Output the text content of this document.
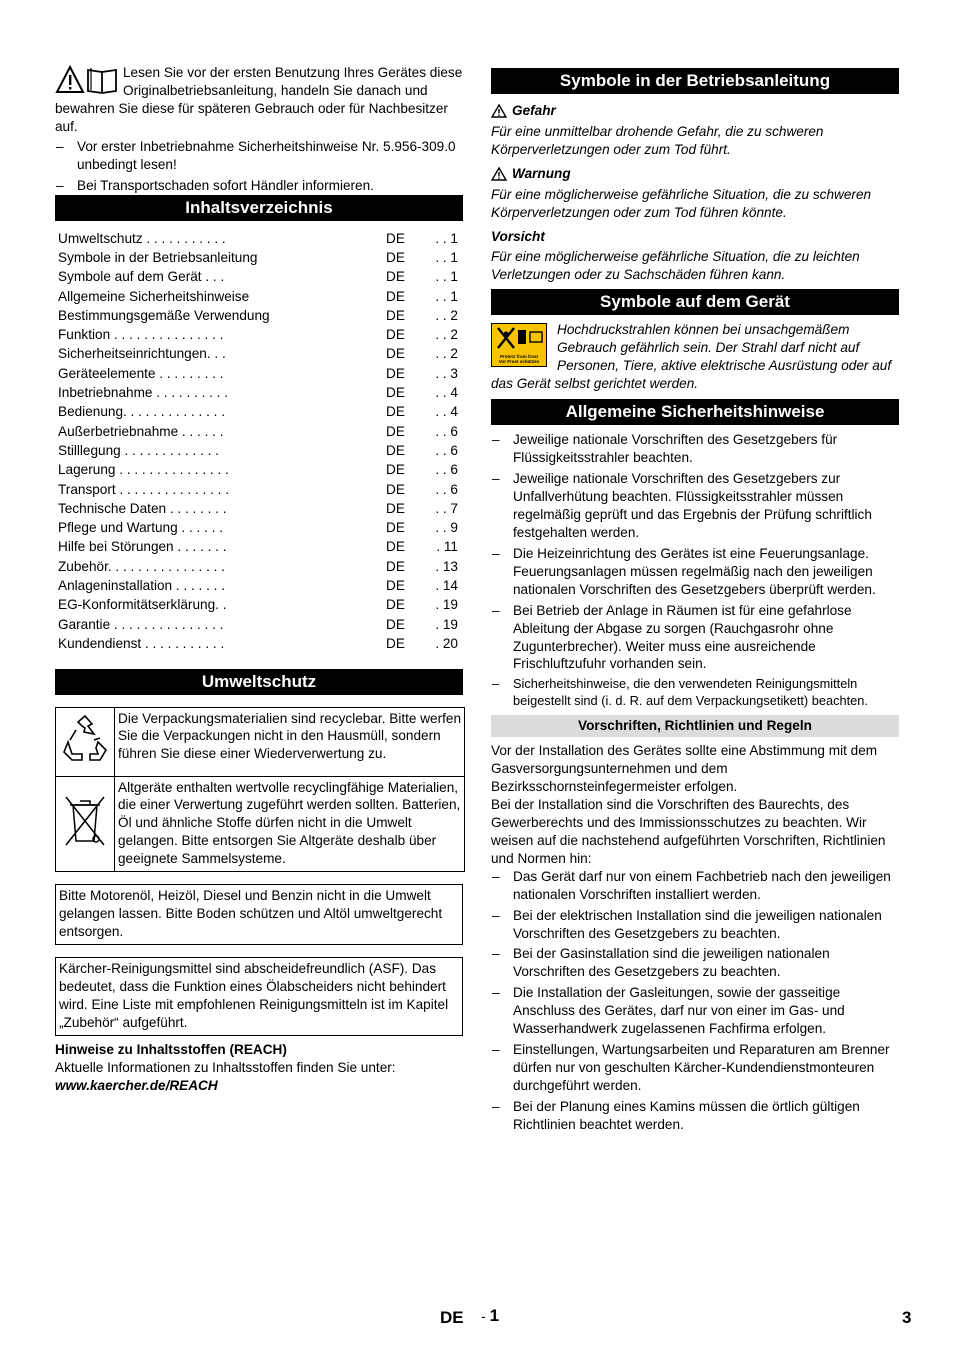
Lesen Sie vor der ersten Benutzung Ihres Gerätes diese Originalbetriebsanleitung, handeln Sie danach und bewahren Sie diese für späteren Gebrauch oder für Nachbesitzer auf.

– Vor erster Inbetriebnahme Sicherheitshinweise Nr. 5.956-309.0 unbedingt lesen!
– Bei Transportschaden sofort Händler informieren.
Inhaltsverzeichnis
Umweltschutz . . . . . . . . . . .	DE	. . 1
Symbole in der Betriebsanleitung	DE	. . 1
Symbole auf dem Gerät . . .	DE	. . 1
Allgemeine Sicherheitshinweise	DE	. . 1
Bestimmungsgemäße Verwendung	DE	. . 2
Funktion . . . . . . . . . . . . . . .	DE	. . 2
Sicherheitseinrichtungen. . .	DE	. . 2
Geräteelemente . . . . . . . . .	DE	. . 3
Inbetriebnahme . . . . . . . . . .	DE	. . 4
Bedienung. . . . . . . . . . . . . .	DE	. . 4
Außerbetriebnahme . . . . . .	DE	. . 6
Stilllegung . . . . . . . . . . . . .	DE	. . 6
Lagerung . . . . . . . . . . . . . . .	DE	. . 6
Transport . . . . . . . . . . . . . . .	DE	. . 6
Technische Daten . . . . . . . .	DE	. . 7
Pflege und Wartung . . . . . .	DE	. . 9
Hilfe bei Störungen . . . . . . .	DE	. 11
Zubehör. . . . . . . . . . . . . . . .	DE	. 13
Anlageninstallation . . . . . . .	DE	. 14
EG-Konformitätserklärung. .	DE	. 19
Garantie . . . . . . . . . . . . . . .	DE	. 19
Kundendienst . . . . . . . . . . .	DE	. 20
Umweltschutz
	Die Verpackungsmaterialien sind recyclebar. Bitte werfen Sie die Verpackungen nicht in den Hausmüll, sondern führen Sie diese einer Wiederverwertung zu.
	Altgeräte enthalten wertvolle recyclingfähige Materialien, die einer Verwertung zugeführt werden sollten. Batterien, Öl und ähnliche Stoffe dürfen nicht in die Umwelt gelangen. Bitte entsorgen Sie Altgeräte deshalb über geeignete Sammelsysteme.
Bitte Motorenöl, Heizöl, Diesel und Benzin nicht in die Umwelt gelangen lassen. Bitte Boden schützen und Altöl umweltgerecht entsorgen.
Kärcher-Reinigungsmittel sind abscheidefreundlich (ASF). Das bedeutet, dass die Funktion eines Ölabscheiders nicht behindert wird. Eine Liste mit empfohlenen Reinigungsmitteln ist im Kapitel „Zubehör“ aufgeführt.

Hinweise zu Inhaltsstoffen (REACH)

Aktuelle Informationen zu Inhaltsstoffen finden Sie unter:

www.kaercher.de/REACH

Symbole in der Betriebsanleitung
Gefahr

Für eine unmittelbar drohende Gefahr, die zu schweren Körperverletzungen oder zum Tod führt.

Warnung

Für eine möglicherweise gefährliche Situation, die zu schweren Körperverletzungen oder zum Tod führen könnte.

Vorsicht

Für eine möglicherweise gefährliche Situation, die zu leichten Verletzungen oder zu Sachschäden führen kann.

Symbole auf dem Gerät
Protect from frost
Vor Frost schützen

Hochdruckstrahlen können bei unsachgemäßem Gebrauch gefährlich sein. Der Strahl darf nicht auf Personen, Tiere, aktive elektrische Ausrüstung oder auf das Gerät selbst gerichtet werden.

Allgemeine Sicherheitshinweise
– Jeweilige nationale Vorschriften des Gesetzgebers für Flüssigkeitsstrahler beachten.
– Jeweilige nationale Vorschriften des Gesetzgebers zur Unfallverhütung beachten. Flüssigkeitsstrahler müssen regelmäßig geprüft und das Ergebnis der Prüfung schriftlich festgehalten werden.
– Die Heizeinrichtung des Gerätes ist eine Feuerungsanlage. Feuerungsanlagen müssen regelmäßig nach den jeweiligen nationalen Vorschriften des Gesetzgebers überprüft werden.
– Bei Betrieb der Anlage in Räumen ist für eine gefahrlose Ableitung der Abgase zu sorgen (Rauchgasrohr ohne Zugunterbrecher). Weiter muss eine ausreichende Frischluftzufuhr vorhanden sein.
– Sicherheitshinweise, die den verwendeten Reinigungsmitteln beigestellt sind (i. d. R. auf dem Verpackungsetikett) beachten.
Vorschriften, Richtlinien und Regeln

Vor der Installation des Gerätes sollte eine Abstimmung mit dem Gasversorgungsunternehmen und dem Bezirksschornsteinfegermeister erfolgen.

Bei der Installation sind die Vorschriften des Baurechts, des Gewerberechts und des Immissionsschutzes zu beachten. Wir weisen auf die nachstehend aufgeführten Vorschriften, Richtlinien und Normen hin:

– Das Gerät darf nur von einem Fachbetrieb nach den jeweiligen nationalen Vorschriften installiert werden.
– Bei der elektrischen Installation sind die jeweiligen nationalen Vorschriften des Gesetzgebers zu beachten.
– Bei der Gasinstallation sind die jeweiligen nationalen Vorschriften des Gesetzgebers zu beachten.
– Die Installation der Gasleitungen, sowie der gasseitige Anschluss des Gerätes, darf nur von einer im Gas- und Wasserhandwerk zugelassenen Fachfirma erfolgen.
– Einstellungen, Wartungsarbeiten und Reparaturen am Brenner dürfen nur von geschulten Kärcher-Kundendienstmonteuren durchgeführt werden.
– Bei der Planung eines Kamins müssen die örtlich gültigen Richtlinien beachtet werden.
DE - 1	3
